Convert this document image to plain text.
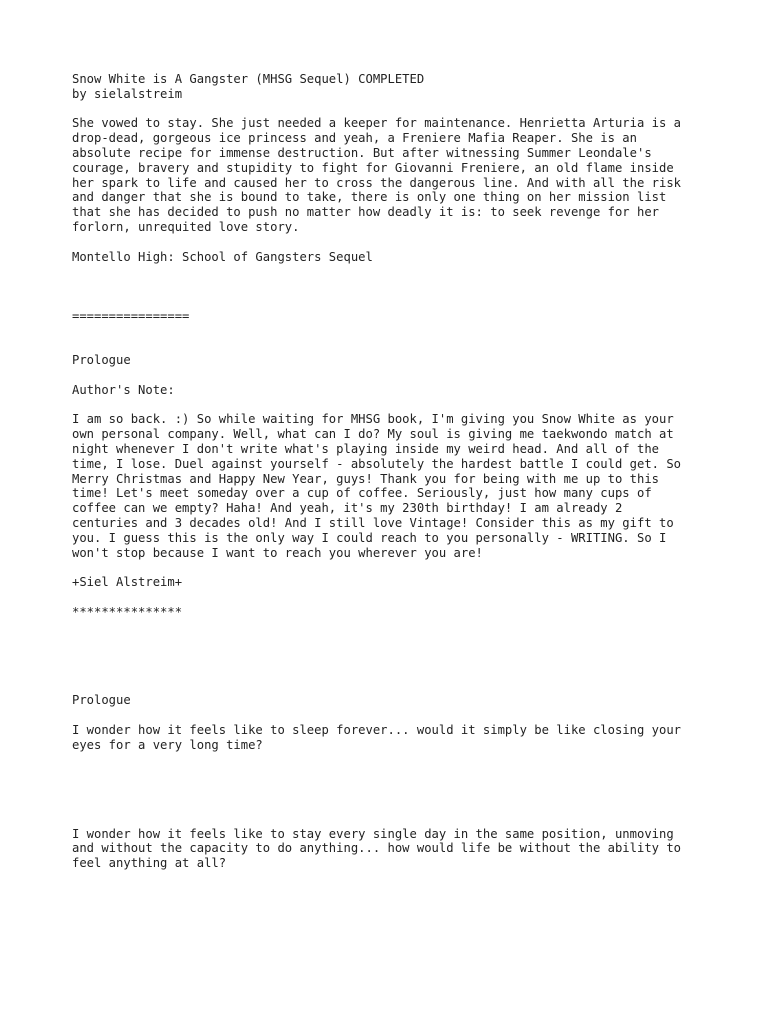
Snow White is A Gangster (MHSG Sequel) COMPLETED
by sielalstreim
She vowed to stay. She just needed a keeper for maintenance. Henrietta Arturia is a
drop-dead, gorgeous ice princess and yeah, a Freniere Mafia Reaper. She is an
absolute recipe for immense destruction. But after witnessing Summer Leondale's
courage, bravery and stupidity to fight for Giovanni Freniere, an old flame inside
her spark to life and caused her to cross the dangerous line. And with all the risk
and danger that she is bound to take, there is only one thing on her mission list
that she has decided to push no matter how deadly it is: to seek revenge for her
forlorn, unrequited love story.
Montello High: School of Gangsters Sequel
================
Prologue
Author's Note:
I am so back. :) So while waiting for MHSG book, I'm giving you Snow White as your
own personal company. Well, what can I do? My soul is giving me taekwondo match at
night whenever I don't write what's playing inside my weird head. And all of the
time, I lose. Duel against yourself - absolutely the hardest battle I could get. So
Merry Christmas and Happy New Year, guys! Thank you for being with me up to this
time! Let's meet someday over a cup of coffee. Seriously, just how many cups of
coffee can we empty? Haha! And yeah, it's my 230th birthday! I am already 2
centuries and 3 decades old! And I still love Vintage! Consider this as my gift to
you. I guess this is the only way I could reach to you personally - WRITING. So I
won't stop because I want to reach you wherever you are!
+Siel Alstreim+
***************
Prologue
I wonder how it feels like to sleep forever... would it simply be like closing your
eyes for a very long time?
I wonder how it feels like to stay every single day in the same position, unmoving
and without the capacity to do anything... how would life be without the ability to
feel anything at all?
